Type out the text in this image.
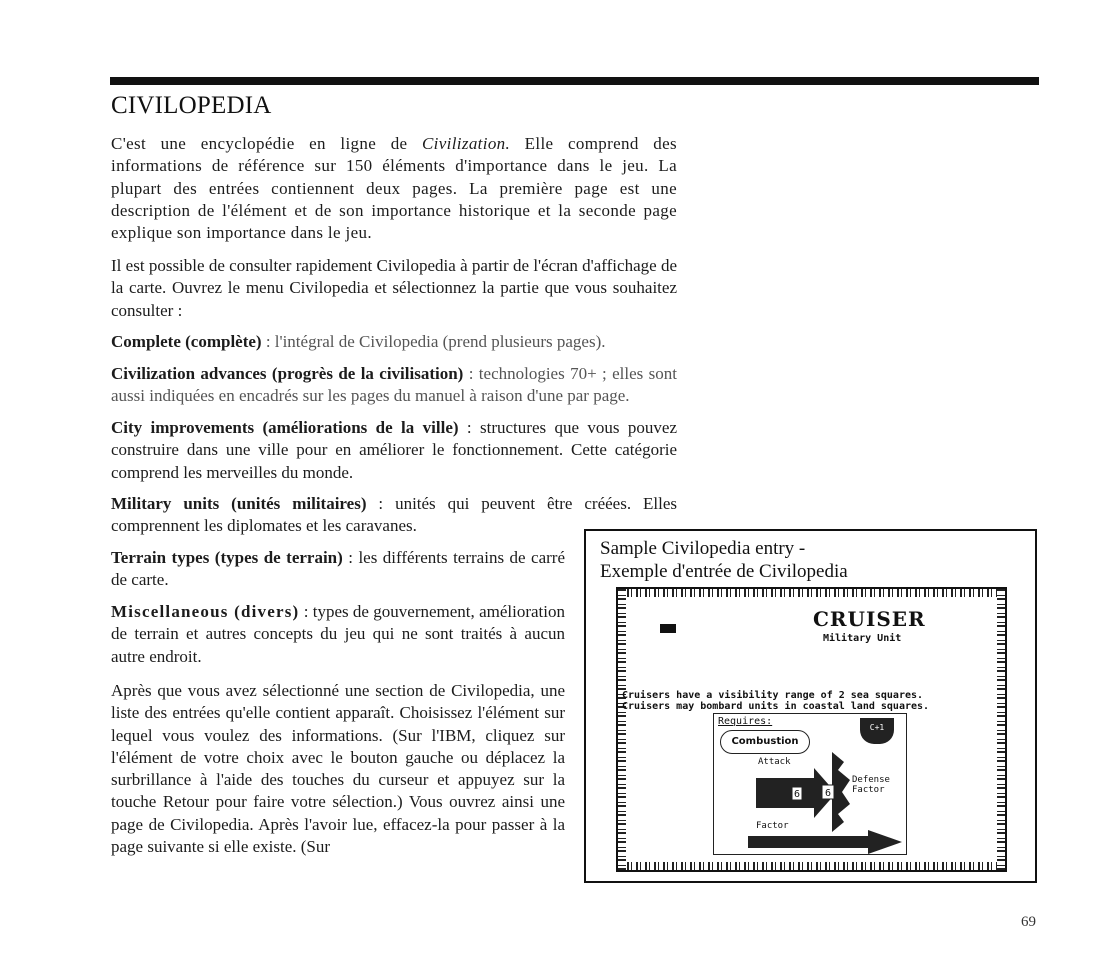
CIVILOPEDIA

C'est une encyclopédie en ligne de Civilization. Elle comprend des informations de référence sur 150 éléments d'importance dans le jeu. La plupart des entrées contiennent deux pages. La première page est une description de l'élément et de son importance historique et la seconde page explique son importance dans le jeu.

Il est possible de consulter rapidement Civilopedia à partir de l'écran d'affichage de la carte. Ouvrez le menu Civilopedia et sélectionnez la partie que vous souhaitez consulter :

Complete (complète) : l'intégral de Civilopedia (prend plusieurs pages).

Civilization advances (progrès de la civilisation) : technologies 70+ ; elles sont aussi indiquées en encadrés sur les pages du manuel à raison d'une par page.

City improvements (améliorations de la ville) : structures que vous pouvez construire dans une ville pour en améliorer le fonctionnement. Cette catégorie comprend les merveilles du monde.

Military units (unités militaires) : unités qui peuvent être créées. Elles comprennent les diplomates et les caravanes.

Terrain types (types de terrain) : les différents terrains de carré de carte.

Miscellaneous (divers) : types de gouvernement, amélioration de terrain et autres concepts du jeu qui ne sont traités à aucun autre endroit.

Après que vous avez sélectionné une section de Civilopedia, une liste des entrées qu'elle contient apparaît. Choisissez l'élément sur lequel vous voulez des informations. (Sur l'IBM, cliquez sur l'élément de votre choix avec le bouton gauche ou déplacez la surbrillance à l'aide des touches du curseur et appuyez sur la touche Retour pour faire votre sélection.) Vous ouvrez ainsi une page de Civilopedia. Après l'avoir lue, effacez-la pour passer à la page suivante si elle existe. (Sur

Sample Civilopedia entry -
Exemple d'entrée de Civilopedia
CRUISER
Military Unit
Cruisers have a visibility range of 2 sea squares.
Cruisers may bombard units in coastal land squares.
Requires:
Combustion
C+1
Attack
6 6
Defense
Factor
Factor
69
